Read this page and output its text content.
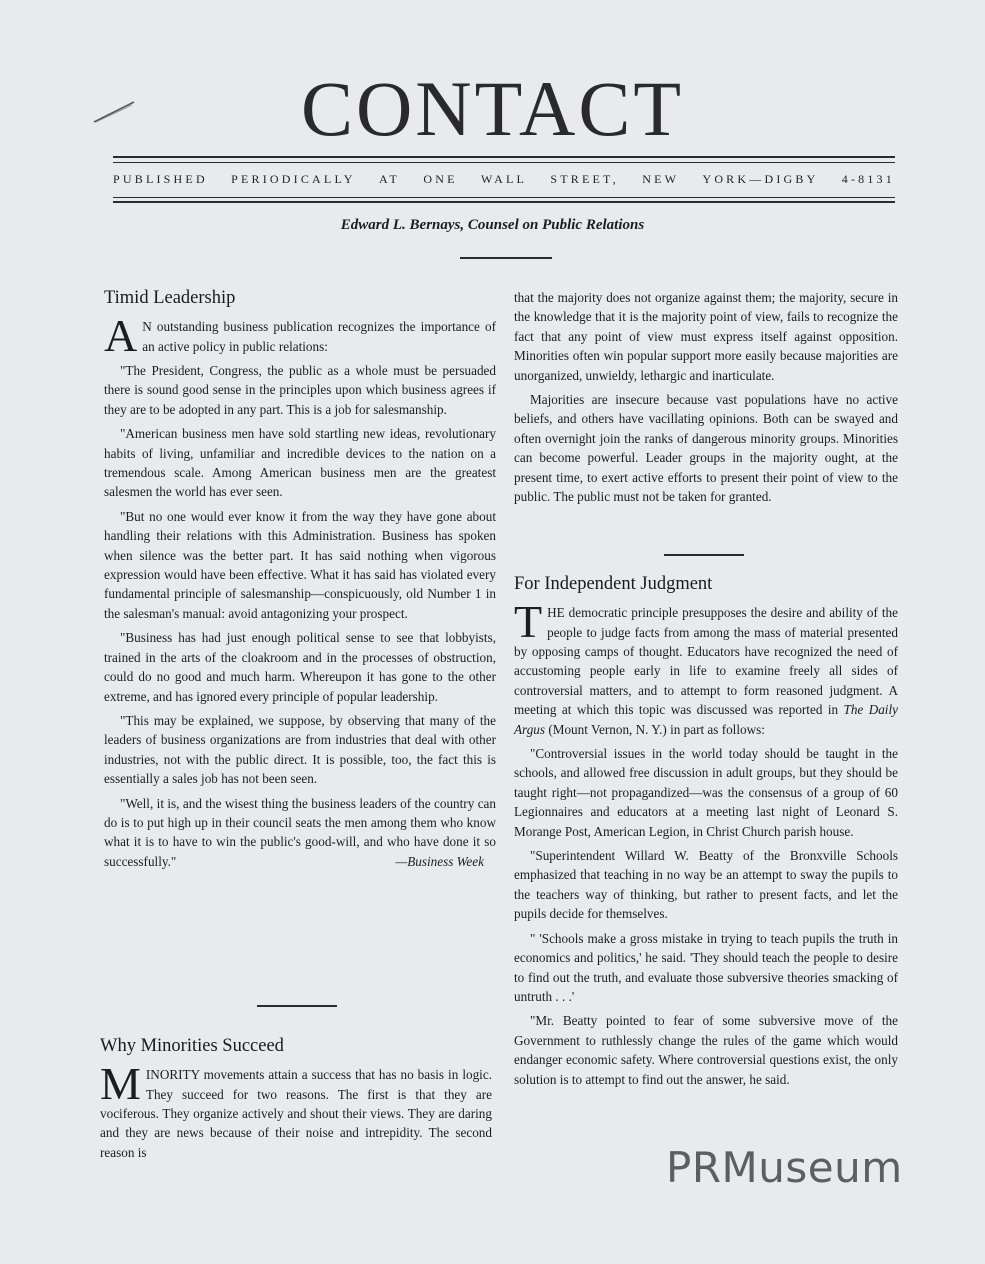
CONTACT
PUBLISHED PERIODICALLY AT ONE WALL STREET, NEW YORK—DIGBY 4-8131
Edward L. Bernays, Counsel on Public Relations
Timid Leadership

A N outstanding business publication recognizes the importance of an active policy in public relations:

"The President, Congress, the public as a whole must be persuaded there is sound good sense in the principles upon which business agrees if they are to be adopted in any part. This is a job for salesmanship.

"American business men have sold startling new ideas, revolutionary habits of living, unfamiliar and incredible devices to the nation on a tremendous scale. Among American business men are the greatest salesmen the world has ever seen.

"But no one would ever know it from the way they have gone about handling their relations with this Administration. Business has spoken when silence was the better part. It has said nothing when vigorous expression would have been effective. What it has said has violated every fundamental principle of salesmanship—conspicuously, old Number 1 in the salesman's manual: avoid antagonizing your prospect.

"Business has had just enough political sense to see that lobbyists, trained in the arts of the cloakroom and in the processes of obstruction, could do no good and much harm. Whereupon it has gone to the other extreme, and has ignored every principle of popular leadership.

"This may be explained, we suppose, by observing that many of the leaders of business organizations are from industries that deal with other industries, not with the public direct. It is possible, too, the fact this is essentially a sales job has not been seen.

"Well, it is, and the wisest thing the business leaders of the country can do is to put high up in their council seats the men among them who know what it is to have to win the public's good-will, and who have done it so successfully."	—Business Week

Why Minorities Succeed

MINORITY movements attain a success that has no basis in logic. They succeed for two reasons. The first is that they are vociferous. They organize actively and shout their views. They are daring and they are news because of their noise and intrepidity. The second reason is

that the majority does not organize against them; the majority, secure in the knowledge that it is the majority point of view, fails to recognize the fact that any point of view must express itself against opposition. Minorities often win popular support more easily because majorities are unorganized, unwieldy, lethargic and inarticulate.

Majorities are insecure because vast populations have no active beliefs, and others have vacillating opinions. Both can be swayed and often overnight join the ranks of dangerous minority groups. Minorities can become powerful. Leader groups in the majority ought, at the present time, to exert active efforts to present their point of view to the public. The public must not be taken for granted.

For Independent Judgment

THE democratic principle presupposes the desire and ability of the people to judge facts from among the mass of material presented by opposing camps of thought. Educators have recognized the need of accustoming people early in life to examine freely all sides of controversial matters, and to attempt to form reasoned judgment. A meeting at which this topic was discussed was reported in The Daily Argus (Mount Vernon, N. Y.) in part as follows:

"Controversial issues in the world today should be taught in the schools, and allowed free discussion in adult groups, but they should be taught right—not propagandized—was the consensus of a group of 60 Legionnaires and educators at a meeting last night of Leonard S. Morange Post, American Legion, in Christ Church parish house.

"Superintendent Willard W. Beatty of the Bronxville Schools emphasized that teaching in no way be an attempt to sway the pupils to the teachers way of thinking, but rather to present facts, and let the pupils decide for themselves.

" 'Schools make a gross mistake in trying to teach pupils the truth in economics and politics,' he said. 'They should teach the people to desire to find out the truth, and evaluate those subversive theories smacking of untruth . . .'

"Mr. Beatty pointed to fear of some subversive move of the Government to ruthlessly change the rules of the game which would endanger economic safety. Where controversial questions exist, the only solution is to attempt to find out the answer, he said.

PRMuseum
